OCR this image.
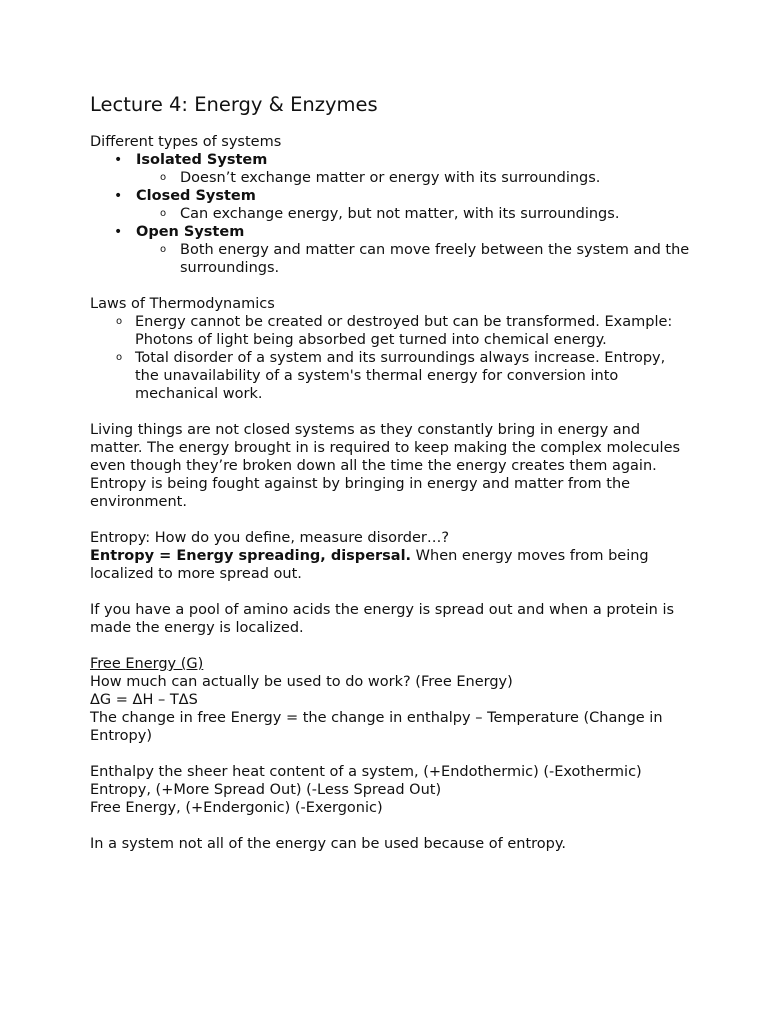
Lecture 4: Energy & Enzymes

Different types of systems

• Isolated System
o Doesn’t exchange matter or energy with its surroundings.
• Closed System
o Can exchange energy, but not matter, with its surroundings.
• Open System
o Both energy and matter can move freely between the system and the surroundings.

Laws of Thermodynamics

o Energy cannot be created or destroyed but can be transformed. Example: Photons of light being absorbed get turned into chemical energy.
o Total disorder of a system and its surroundings always increase. Entropy, the unavailability of a system's thermal energy for conversion into mechanical work.

Living things are not closed systems as they constantly bring in energy and matter. The energy brought in is required to keep making the complex molecules even though they’re broken down all the time the energy creates them again. Entropy is being fought against by bringing in energy and matter from the environment.

Entropy: How do you define, measure disorder…?

Entropy = Energy spreading, dispersal. When energy moves from being localized to more spread out.

If you have a pool of amino acids the energy is spread out and when a protein is made the energy is localized.

Free Energy (G)

How much can actually be used to do work? (Free Energy)

ΔG = ΔH – TΔS

The change in free Energy = the change in enthalpy – Temperature (Change in Entropy)

Enthalpy the sheer heat content of a system, (+Endothermic) (-Exothermic)

Entropy, (+More Spread Out) (-Less Spread Out)

Free Energy, (+Endergonic) (-Exergonic)

In a system not all of the energy can be used because of entropy.
